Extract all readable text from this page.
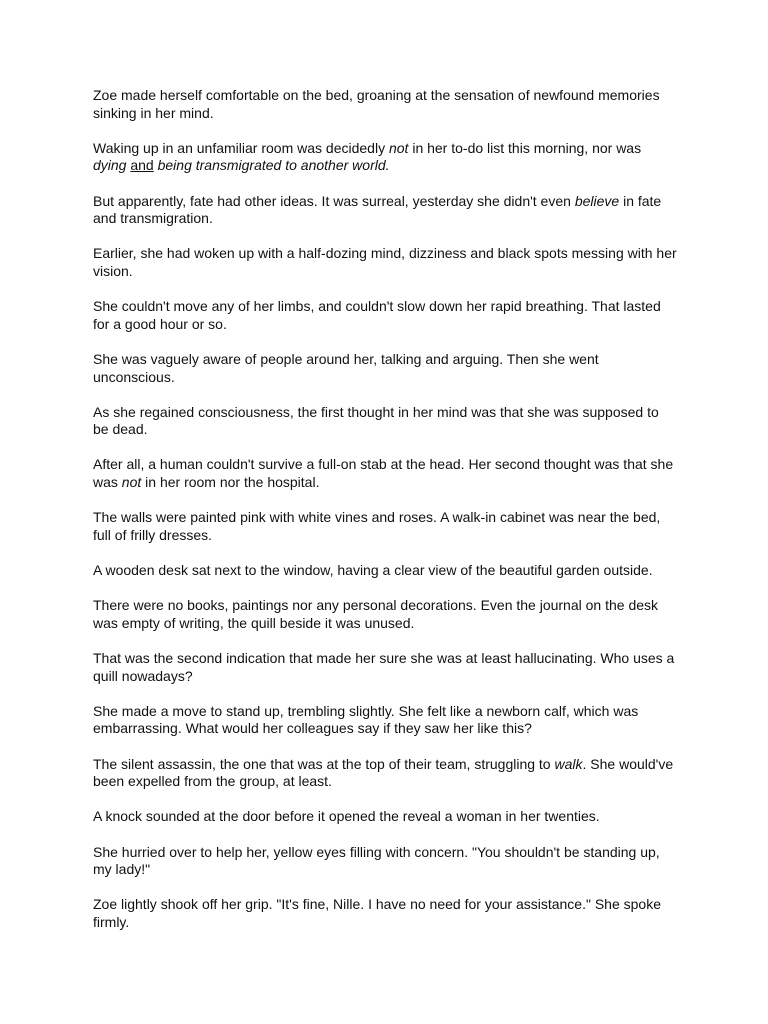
Zoe made herself comfortable on the bed, groaning at the sensation of newfound memories sinking in her mind.

Waking up in an unfamiliar room was decidedly not in her to-do list this morning, nor was dying and being transmigrated to another world.

But apparently, fate had other ideas. It was surreal, yesterday she didn't even believe in fate and transmigration.

Earlier, she had woken up with a half-dozing mind, dizziness and black spots messing with her vision.

She couldn't move any of her limbs, and couldn't slow down her rapid breathing. That lasted for a good hour or so.

She was vaguely aware of people around her, talking and arguing. Then she went unconscious.

As she regained consciousness, the first thought in her mind was that she was supposed to be dead.

After all, a human couldn't survive a full-on stab at the head. Her second thought was that she was not in her room nor the hospital.

The walls were painted pink with white vines and roses. A walk-in cabinet was near the bed, full of frilly dresses.

A wooden desk sat next to the window, having a clear view of the beautiful garden outside.

There were no books, paintings nor any personal decorations. Even the journal on the desk was empty of writing, the quill beside it was unused.

That was the second indication that made her sure she was at least hallucinating. Who uses a quill nowadays?

She made a move to stand up, trembling slightly. She felt like a newborn calf, which was embarrassing. What would her colleagues say if they saw her like this?

The silent assassin, the one that was at the top of their team, struggling to walk. She would've been expelled from the group, at least.

A knock sounded at the door before it opened the reveal a woman in her twenties.

She hurried over to help her, yellow eyes filling with concern. "You shouldn't be standing up, my lady!"

Zoe lightly shook off her grip. "It's fine, Nille. I have no need for your assistance." She spoke firmly.
